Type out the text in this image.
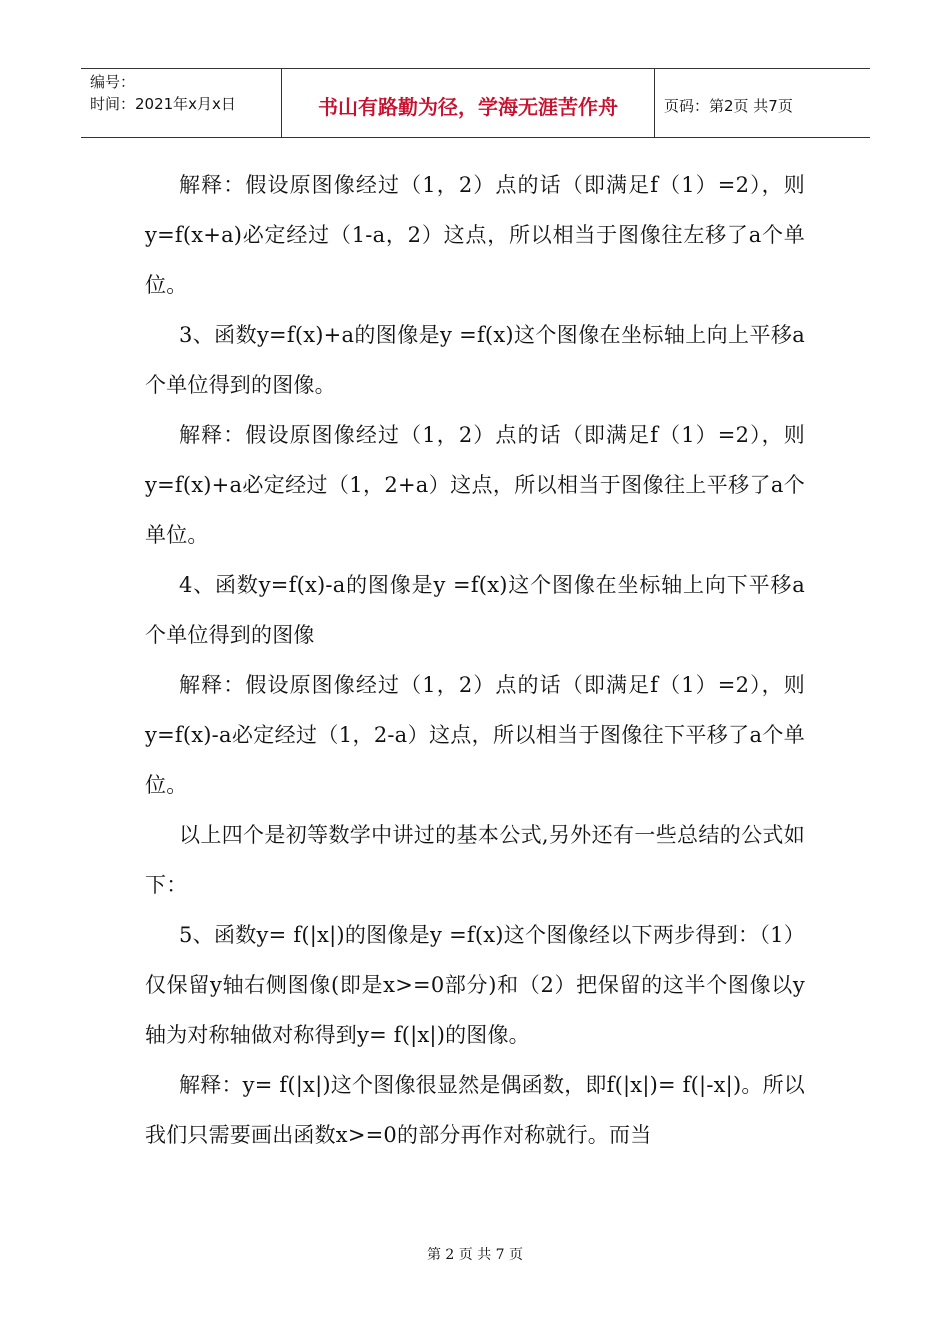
编号：
时间：2021年x月x日	书山有路勤为径，学海无涯苦作舟	页码：第2页 共7页

解释：假设原图像经过（1，2）点的话（即满足f（1）=2），则y=f(x+a)必定经过（1-a，2）这点，所以相当于图像往左移了a个单位。

3、函数y=f(x)+a的图像是y =f(x)这个图像在坐标轴上向上平移a个单位得到的图像。

解释：假设原图像经过（1，2）点的话（即满足f（1）=2），则y=f(x)+a必定经过（1，2+a）这点，所以相当于图像往上平移了a个单位。

4、函数y=f(x)-a的图像是y =f(x)这个图像在坐标轴上向下平移a个单位得到的图像

解释：假设原图像经过（1，2）点的话（即满足f（1）=2），则y=f(x)-a必定经过（1，2-a）这点，所以相当于图像往下平移了a个单位。

以上四个是初等数学中讲过的基本公式,另外还有一些总结的公式如下：

5、函数y= f(|x|)的图像是y =f(x)这个图像经以下两步得到：（1）仅保留y轴右侧图像(即是x>=0部分)和（2）把保留的这半个图像以y轴为对称轴做对称得到y= f(|x|)的图像。

解释：y= f(|x|)这个图像很显然是偶函数，即f(|x|)= f(|-x|)。所以我们只需要画出函数x>=0的部分再作对称就行。而当

第 2 页 共 7 页
